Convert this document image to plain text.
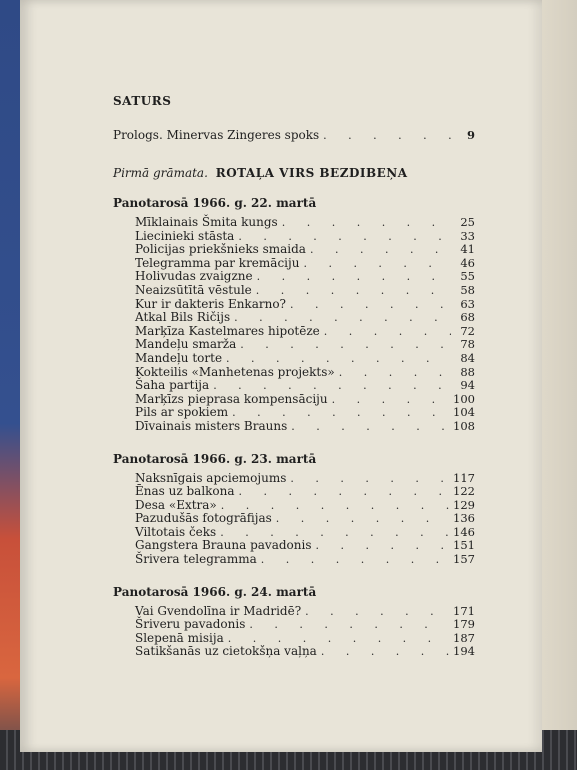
SATURS
Prologs. Minervas Zingeres spoks . . .	9
Pirmā grāmata. ROTAĻA VIRS BEZDIBEŅA
Panotarosā 1966. g. 22. martā
Mīklainais Šmita kungs . . .	25
Liecinieki stāsta . . .	33
Policijas priekšnieks smaida . . .	41
Telegramma par kremāciju . . .	46
Holivudas zvaigzne . . .	55
Neaizsūtītā vēstule . . .	58
Kur ir dakteris Enkarno? . . .	63
Atkal Bils Ričijs . . .	68
Marķīza Kastelmares hipotēze . . .	72
Mandeļu smarža . . .	78
Mandeļu torte . . .	84
Kokteilis «Manhetenas projekts» . . .	88
Šaha partija . . .	94
Marķīzs pieprasa kompensāciju . . .	100
Pils ar spokiem . . .	104
Dīvainais misters Brauns . . .	108
Panotarosā 1966. g. 23. martā
Naksnīgais apciemojums . . .	117
Ēnas uz balkona . . .	122
Desa «Extra» . . .	129
Pazudušās fotogrāfijas . . .	136
Viltotais čeks . . .	146
Gangstera Brauna pavadonis . . .	151
Šrivera telegramma . . .	157
Panotarosā 1966. g. 24. martā
Vai Gvendolīna ir Madridē? . . .	171
Šriveru pavadonis . . .	179
Slepenā misija . . .	187
Satikšanās uz cietokšņa vaļņa . . .	194
